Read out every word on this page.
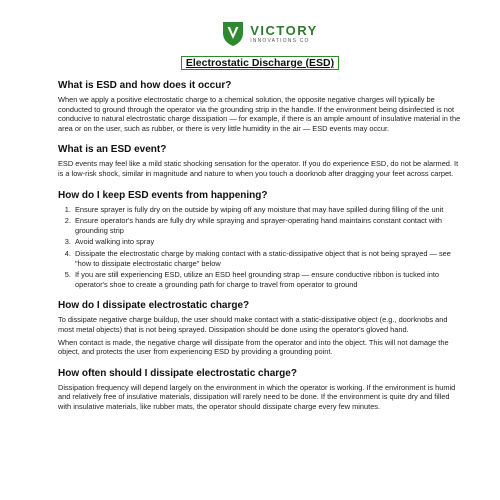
VICTORY
INNOVATIONS CO
Electrostatic Discharge (ESD)
What is ESD and how does it occur?

When we apply a positive electrostatic charge to a chemical solution, the opposite negative charges will typically be conducted to ground through the operator via the grounding strip in the handle. If the environment being disinfected is not conducive to natural electrostatic charge dissipation — for example, if there is an ample amount of insulative material in the area or on the user, such as rubber, or there is very little humidity in the air — ESD events may occur.

What is an ESD event?

ESD events may feel like a mild static shocking sensation for the operator. If you do experience ESD, do not be alarmed. It is a low-risk shock, similar in magnitude and nature to when you touch a doorknob after dragging your feet across carpet.

How do I keep ESD events from happening?
1. Ensure sprayer is fully dry on the outside by wiping off any moisture that may have spilled during filling of the unit
2. Ensure operator's hands are fully dry while spraying and sprayer-operating hand maintains constant contact with grounding strip
3. Avoid walking into spray
4. Dissipate the electrostatic charge by making contact with a static-dissipative object that is not being sprayed — see "how to dissipate electrostatic charge" below
5. If you are still experiencing ESD, utilize an ESD heel grounding strap — ensure conductive ribbon is tucked into operator's shoe to create a grounding path for charge to travel from operator to ground
How do I dissipate electrostatic charge?

To dissipate negative charge buildup, the user should make contact with a static-dissipative object (e.g., doorknobs and most metal objects) that is not being sprayed. Dissipation should be done using the operator's gloved hand.

When contact is made, the negative charge will dissipate from the operator and into the object. This will not damage the object, and protects the user from experiencing ESD by providing a grounding point.

How often should I dissipate electrostatic charge?

Dissipation frequency will depend largely on the environment in which the operator is working. If the environment is humid and relatively free of insulative materials, dissipation will rarely need to be done. If the environment is quite dry and filled with insulative materials, like rubber mats, the operator should dissipate charge every few minutes.
